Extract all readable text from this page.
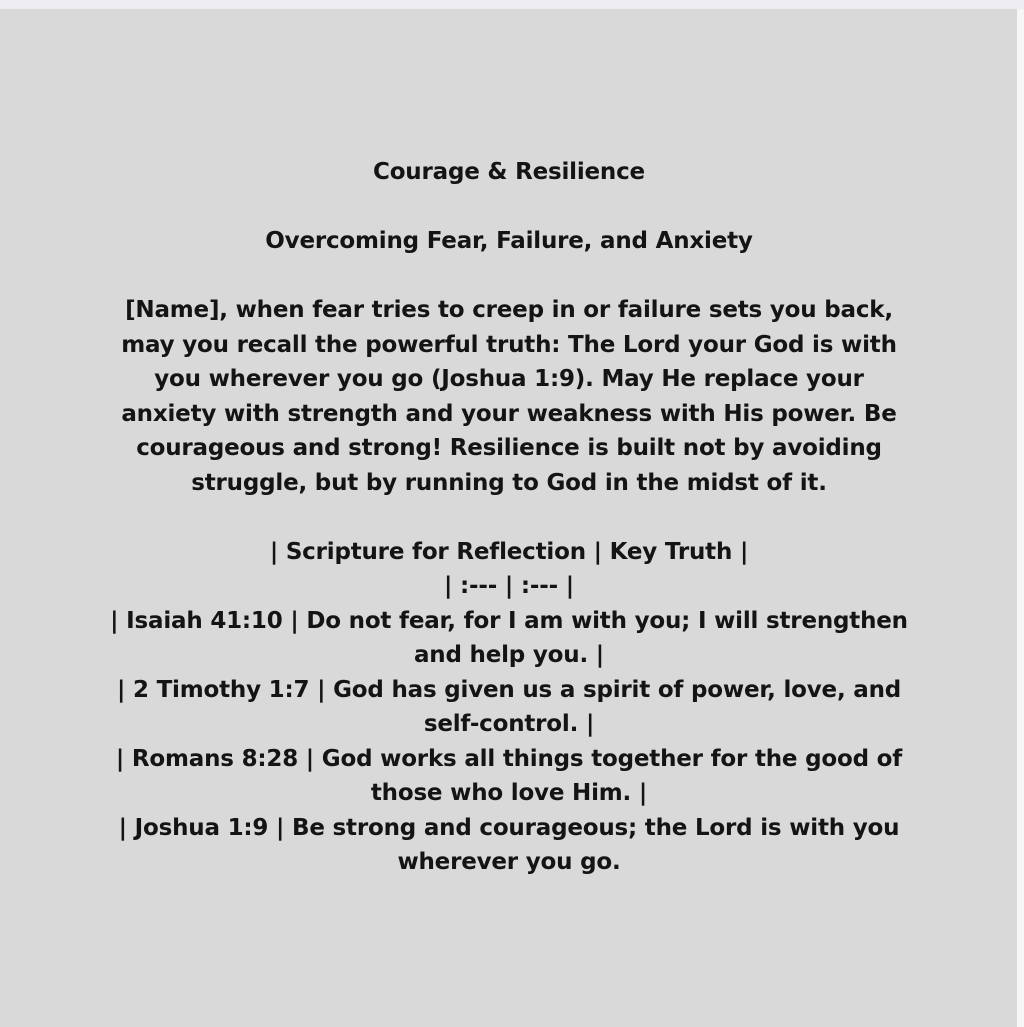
Courage & Resilience

Overcoming Fear, Failure, and Anxiety

[Name], when fear tries to creep in or failure sets you back, may you recall the powerful truth: The Lord your God is with you wherever you go (Joshua 1:9). May He replace your anxiety with strength and your weakness with His power. Be courageous and strong! Resilience is built not by avoiding struggle, but by running to God in the midst of it.

| Scripture for Reflection | Key Truth |

| :--- | :--- |

| Isaiah 41:10 | Do not fear, for I am with you; I will strengthen and help you. |

| 2 Timothy 1:7 | God has given us a spirit of power, love, and self-control. |

| Romans 8:28 | God works all things together for the good of those who love Him. |

| Joshua 1:9 | Be strong and courageous; the Lord is with you wherever you go.
